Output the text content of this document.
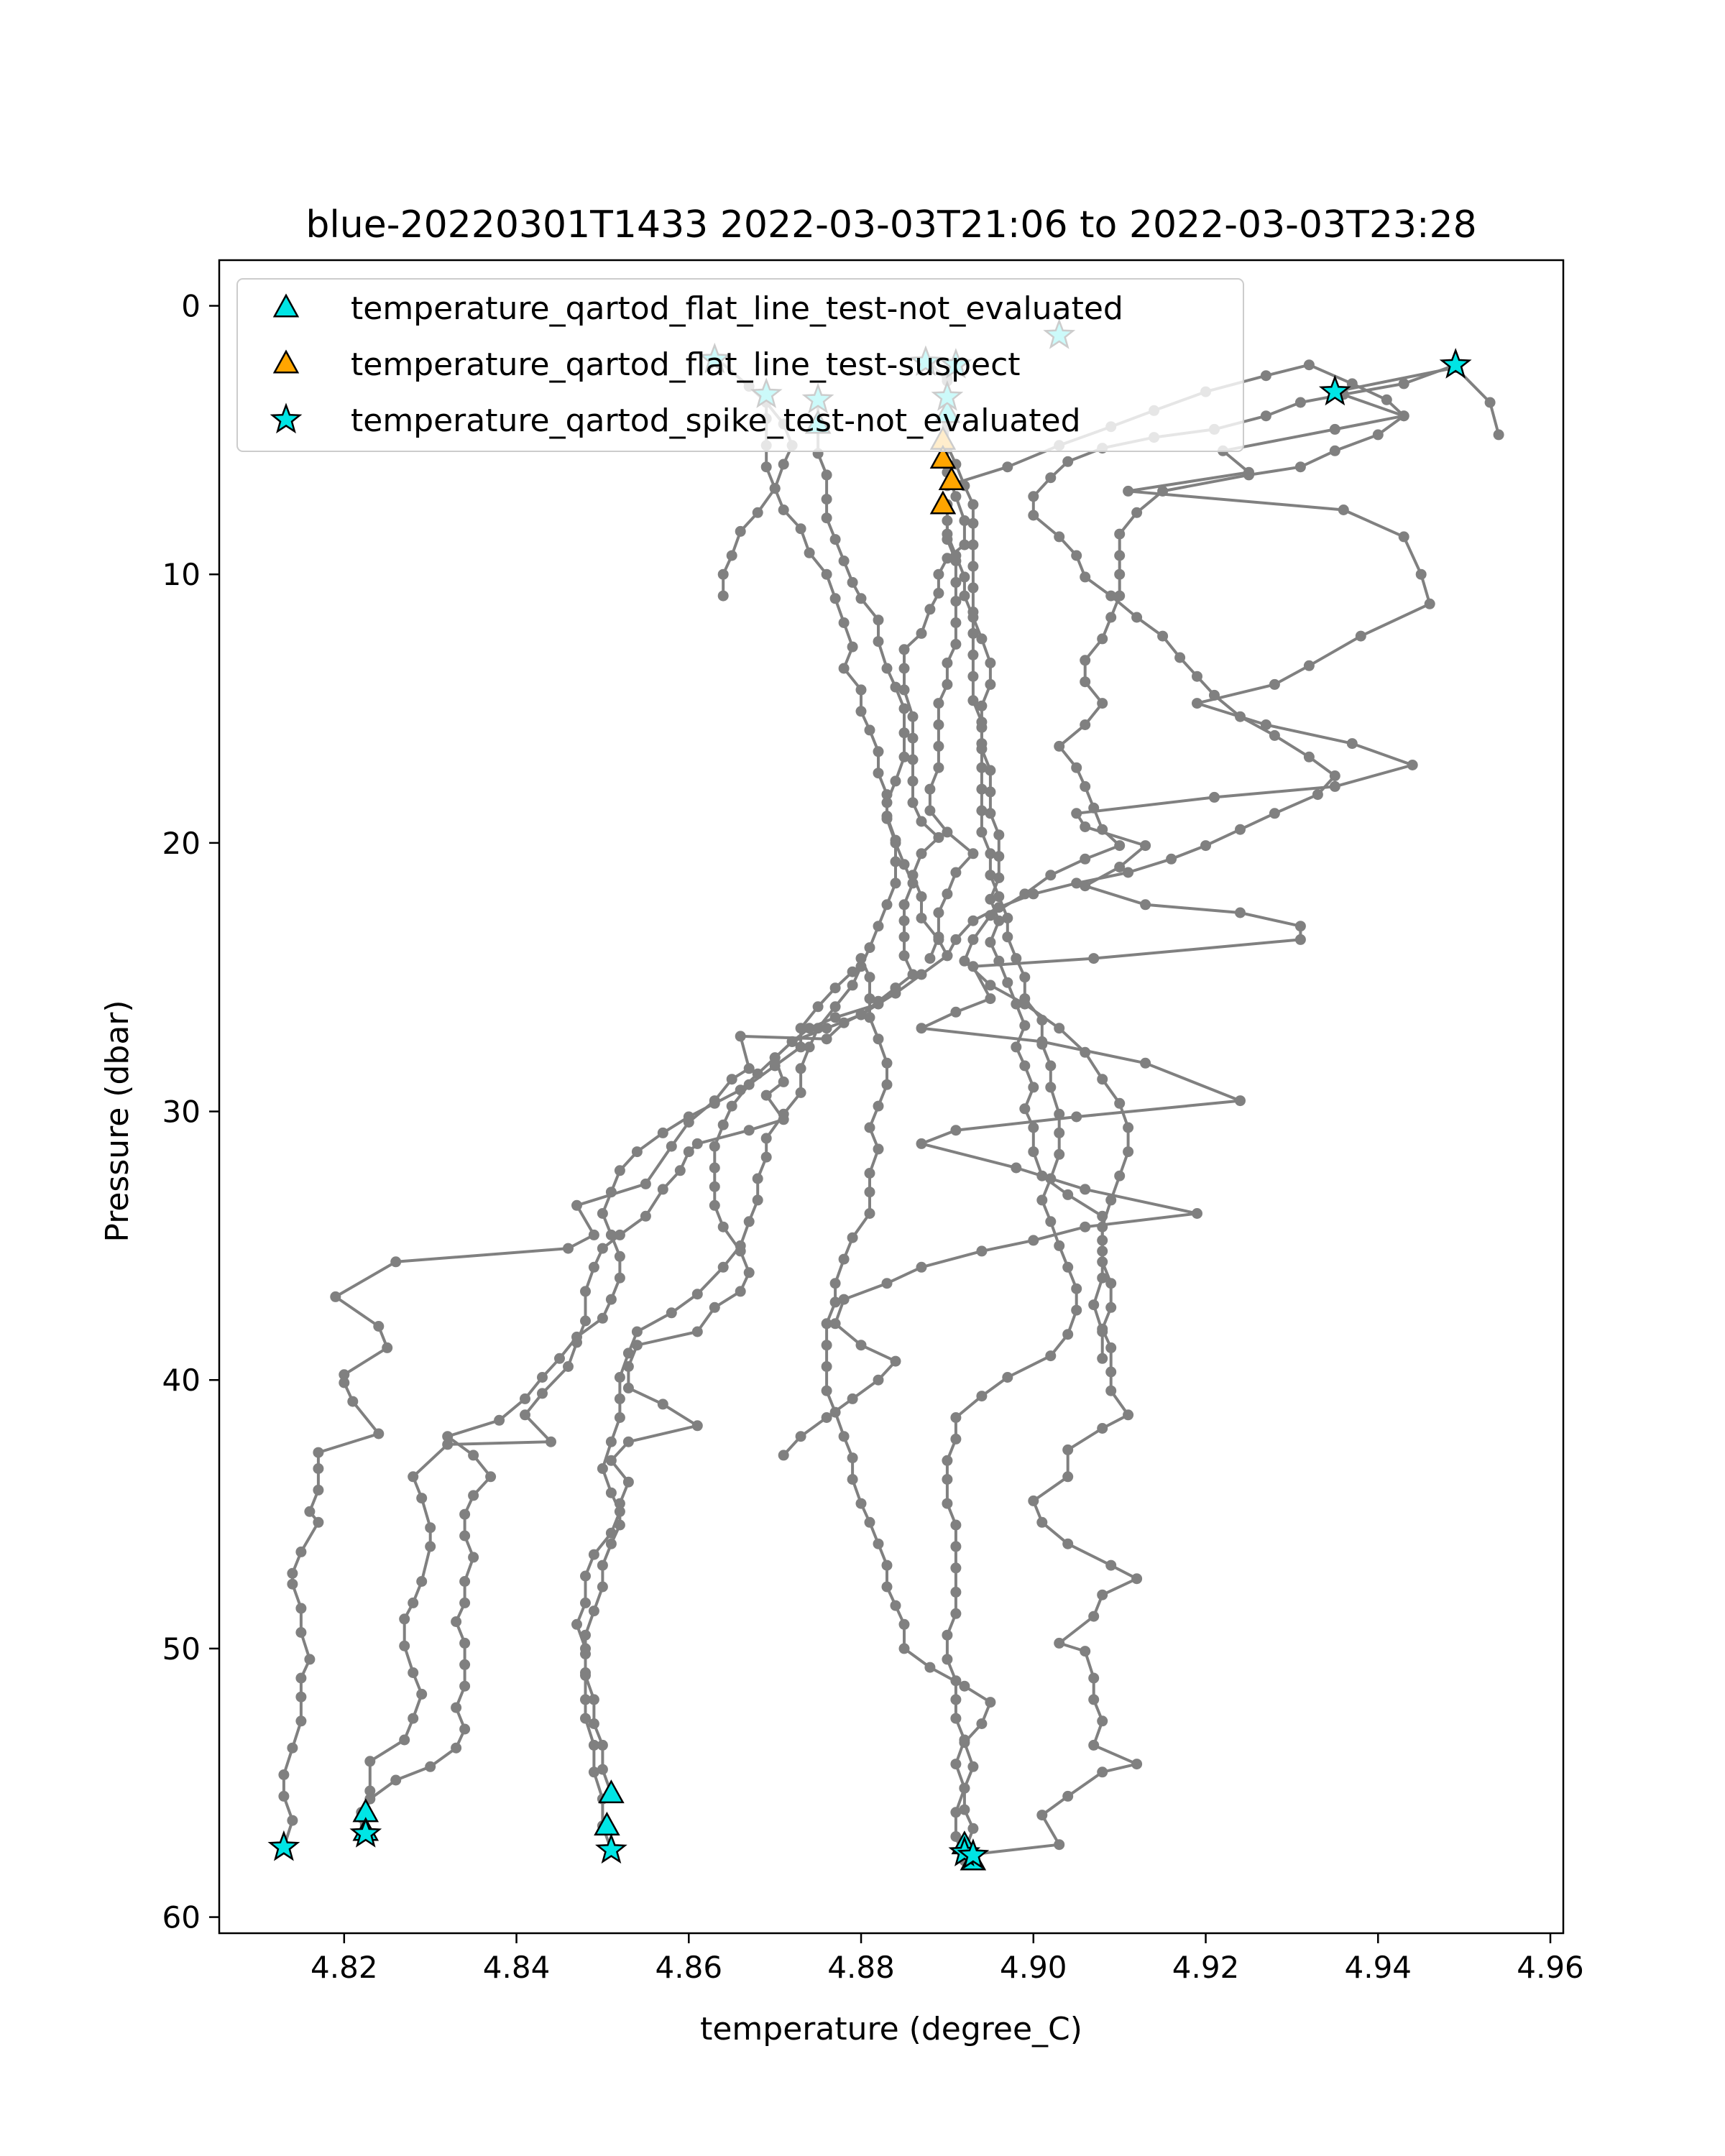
blue-20220301T1433 2022-03-03T21:06 to 2022-03-03T23:28
4.82	4.84	4.86	4.88	4.90	4.92	4.94	4.96
0
10
20
30
40
50
60
temperature_qartod_flat_line_test-not_evaluated
temperature_qartod_flat_line_test-suspect
temperature_qartod_spike_test-not_evaluated
temperature (degree_C)
Pressure (dbar)
